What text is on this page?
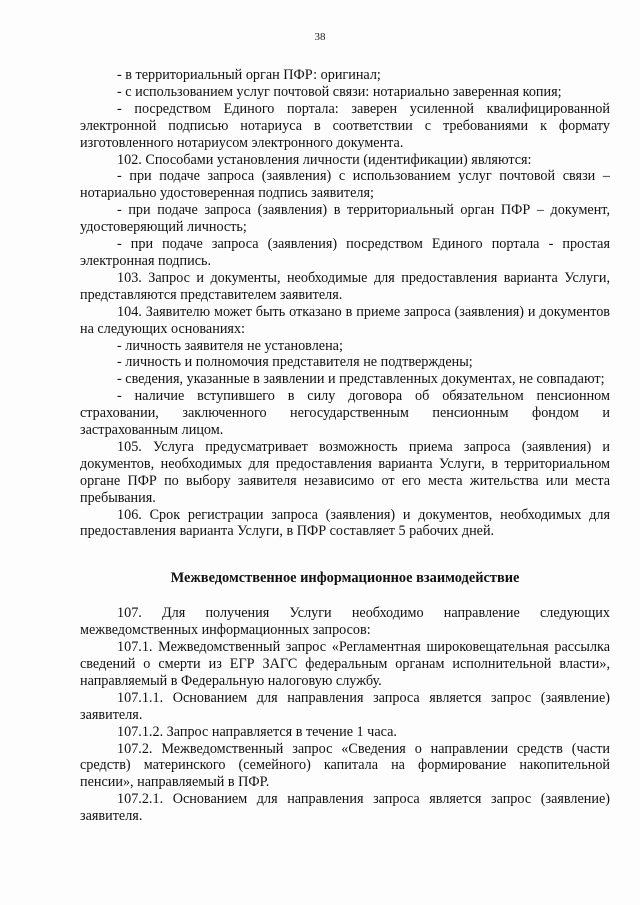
38

- в территориальный орган ПФР: оригинал;

- с использованием услуг почтовой связи: нотариально заверенная копия;

- посредством Единого портала: заверен усиленной квалифицированной электронной подписью нотариуса в соответствии с требованиями к формату изготовленного нотариусом электронного документа.

102. Способами установления личности (идентификации) являются:

- при подаче запроса (заявления) с использованием услуг почтовой связи – нотариально удостоверенная подпись заявителя;

- при подаче запроса (заявления) в территориальный орган ПФР – документ, удостоверяющий личность;

- при подаче запроса (заявления) посредством Единого портала - простая электронная подпись.

103. Запрос и документы, необходимые для предоставления варианта Услуги, представляются представителем заявителя.

104. Заявителю может быть отказано в приеме запроса (заявления) и документов на следующих основаниях:

- личность заявителя не установлена;

- личность и полномочия представителя не подтверждены;

- сведения, указанные в заявлении и представленных документах, не совпадают;

- наличие вступившего в силу договора об обязательном пенсионном страховании, заключенного негосударственным пенсионным фондом и застрахованным лицом.

105. Услуга предусматривает возможность приема запроса (заявления) и документов, необходимых для предоставления варианта Услуги, в территориальном органе ПФР по выбору заявителя независимо от его места жительства или места пребывания.

106. Срок регистрации запроса (заявления) и документов, необходимых для предоставления варианта Услуги, в ПФР составляет 5 рабочих дней.

Межведомственное информационное взаимодействие

107. Для получения Услуги необходимо направление следующих межведомственных информационных запросов:

107.1. Межведомственный запрос «Регламентная широковещательная рассылка сведений о смерти из ЕГР ЗАГС федеральным органам исполнительной власти», направляемый в Федеральную налоговую службу.

107.1.1. Основанием для направления запроса является запрос (заявление) заявителя.

107.1.2. Запрос направляется в течение 1 часа.

107.2. Межведомственный запрос «Сведения о направлении средств (части средств) материнского (семейного) капитала на формирование накопительной пенсии», направляемый в ПФР.

107.2.1. Основанием для направления запроса является запрос (заявление) заявителя.
